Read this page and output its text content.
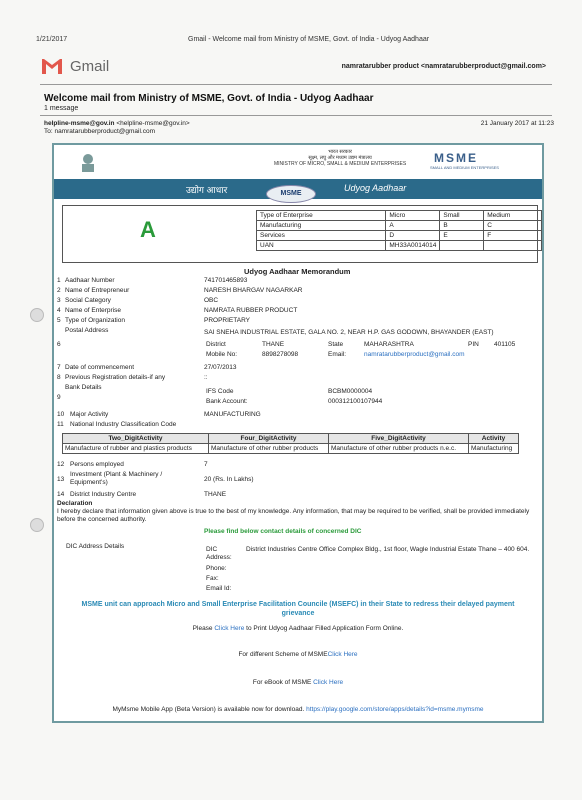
1/21/2017	Gmail - Welcome mail from Ministry of MSME, Govt. of India - Udyog Aadhaar
Gmail	namratarubber product <namratarubberproduct@gmail.com>
Welcome mail from Ministry of MSME, Govt. of India - Udyog Aadhaar
1 message
helpline-msme@gov.in <helpline-msme@gov.in>
To: namratarubberproduct@gmail.com
21 January 2017 at 11:23
भारत सरकार
सूक्ष्म, लघु और मध्यम उद्यम मंत्रालय
MINISTRY OF MICRO, SMALL & MEDIUM ENTERPRISES MSME
SMALL AND MEDIUM ENTERPRISES
उद्योग आधार	MSME
Udyog Aadhaar
A
Type of Enterprise	Micro	Small	Medium
Manufacturing	A	B	C
Services	D	E	F
UAN	MH33A0014014		
Udyog Aadhaar Memorandum
1 Aadhaar Number	741701465893
2 Name of Entrepreneur	NARESH BHARGAV NAGARKAR
3 Social Category	OBC
4 Name of Enterprise	NAMRATA RUBBER PRODUCT
5 Type of Organization	PROPRIETARY
Postal Address	SAI SNEHA INDUSTRIAL ESTATE, GALA NO. 2, NEAR H.P. GAS GODOWN, BHAYANDER (EAST)
6	District	THANE	State	MAHARASHTRA	PIN 401105
Mobile No:	8898278098	Email:	namratarubberproduct@gmail.com
7 Date of commencement	27/07/2013
8 Previous Registration details-if any	::
Bank Details
IFS Code	BCBM0000004
9
Bank Account:	000312100107944
10 Major Activity	MANUFACTURING
11 National Industry Classification Code
Two_DigitActivity	Four_DigitActivity	Five_DigitActivity	Activity
Manufacture of rubber and plastics products	Manufacture of other rubber products	Manufacture of other rubber products n.e.c.	Manufacturing
12 Persons employed	7
13
Investment (Plant & Machinery / Equipment's)	20 (Rs. In Lakhs)
14 District Industry Centre	THANE
Declaration
I hereby declare that information given above is true to the best of my knowledge. Any information, that may be required to be verified, shall be provided immediately before the concerned authority.
Please find below contact details of concerned DIC
DIC Address Details	DIC Address:
District Industries Centre Office Complex Bldg., 1st floor, Wagle Industrial Estate Thane – 400 604.
Phone:
Fax:
Email Id:
MSME unit can approach Micro and Small Enterprise Facilitation Councile (MSEFC) in their State to redress their delayed payment grievance
Please Click Here to Print Udyog Aadhaar Filled Application Form Online.
For different Scheme of MSMEClick Here
For eBook of MSME Click Here
MyMsme Mobile App (Beta Version) is available now for download. https://play.google.com/store/apps/details?id=msme.mymsme
